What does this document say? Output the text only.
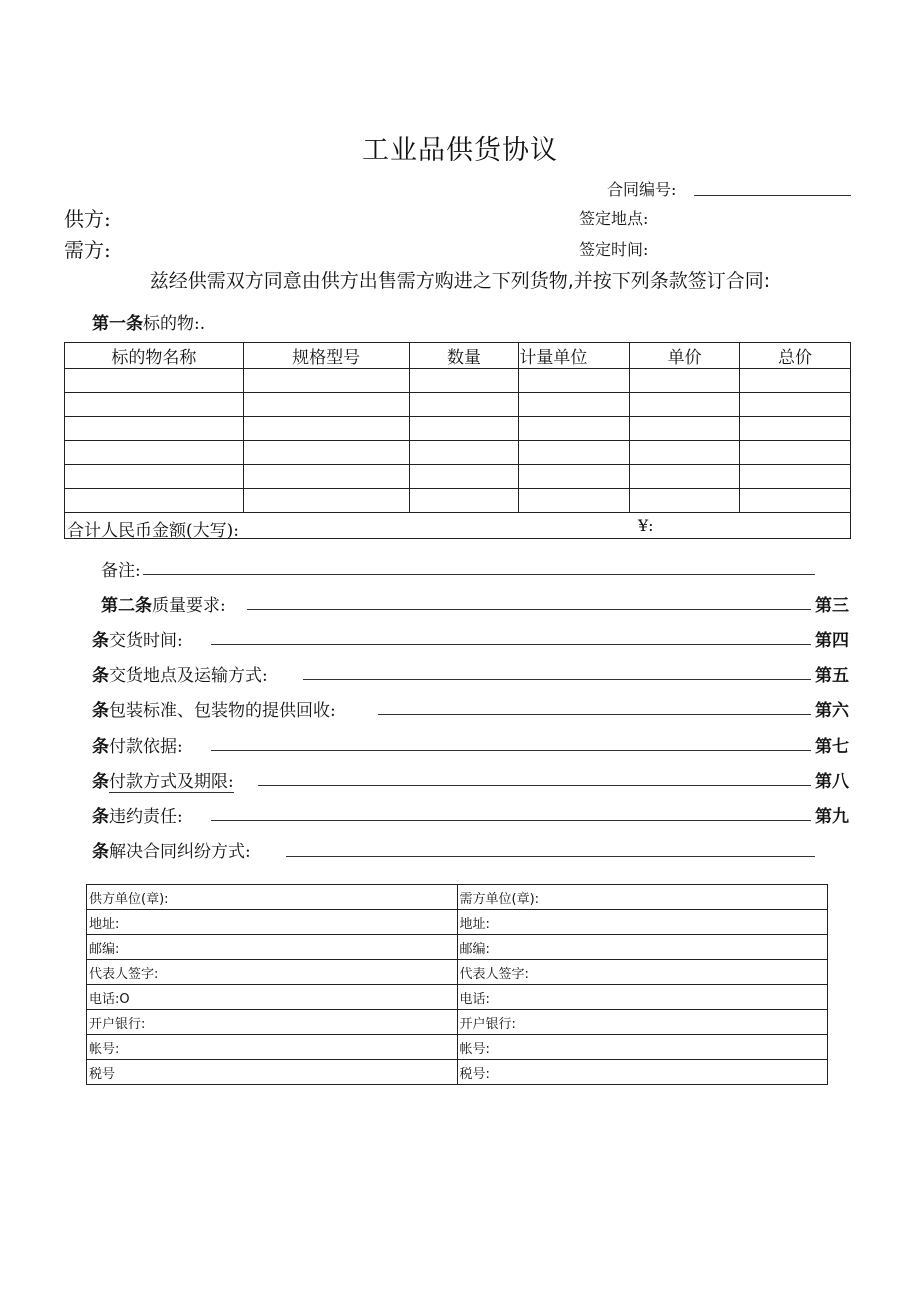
工业品供货协议
合同编号:
供方:	签定地点:
需方:	签定时间:
兹经供需双方同意由供方出售需方购进之下列货物,并按下列条款签订合同:
第一条标的物:.
标的物名称	规格型号	数量	计量单位	单价	总价

合计人民币金额(大写): ¥:					
备注:
第二条质量要求:	第三
条交货时间:	第四
条交货地点及运输方式:	第五
条包装标准、包装物的提供回收:	第六
条付款依据:	第七
条付款方式及期限:	第八
条违约责任:	第九
条解决合同纠纷方式:
供方单位(章):	需方单位(章):
地址:	地址:
邮编:	邮编:
代表人签字:	代表人签字:
电话:O	电话:
开户银行:	开户银行:
帐号:	帐号:
税号	税号:
